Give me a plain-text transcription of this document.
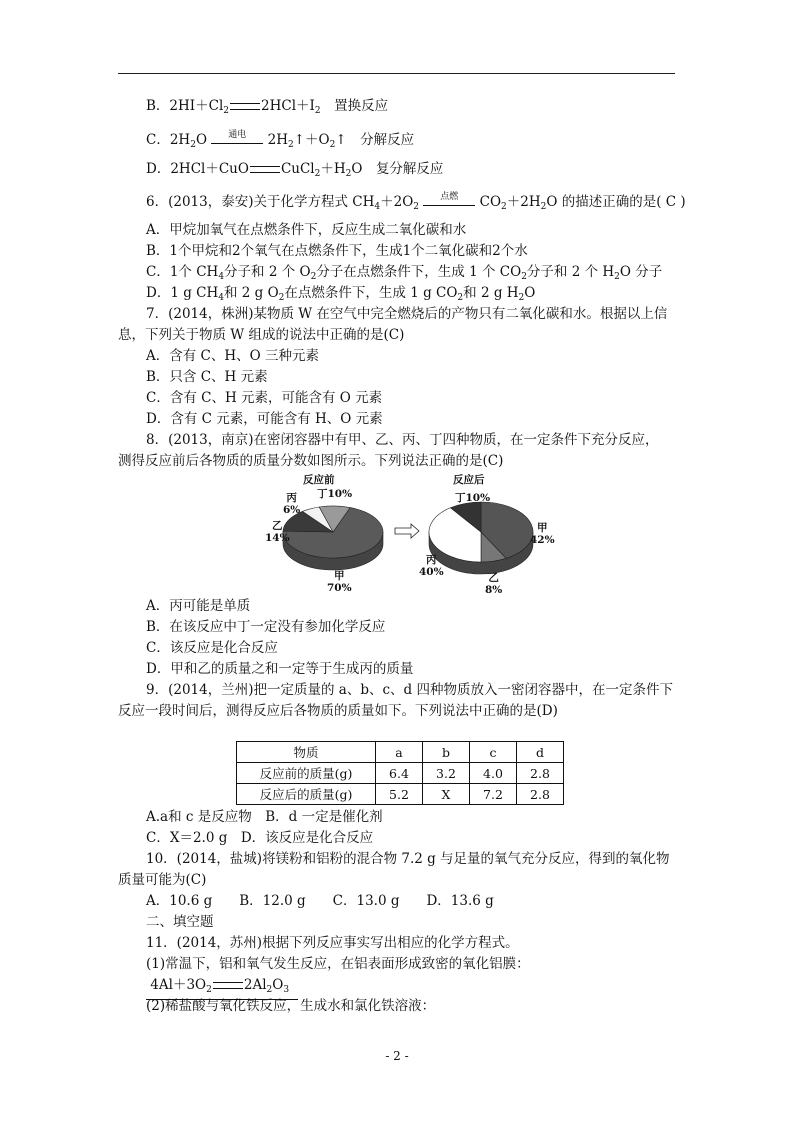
B．$2HI+Cl_2$ $2HCl+I_2$　 置换反应
C．$2H_2O$	通电	$2H_2↑+O_2↑$　分解反应
D．2HCl＋CuO $CuCl_2+H_2O$　 复分解反应
6．(2013，泰安)关于化学方程式 $CH_4+2O_2$
点燃	$CO_2+2H_2O$ 的描述正确的是( C )
A．甲烷加氧气在点燃条件下，反应生成二氧化碳和水
B．1个甲烷和2个氧气在点燃条件下，生成1个二氧化碳和2个水
C．1个 $CH_4$分子和 2 个 $O_2$分子在点燃条件下，生成 1 个 $CO_2$分子和 2 个 $H_2O$ 分子
D．1 g $CH_4$和 2 g $O_2$在点燃条件下，生成 1 g $CO_2$和 2 g $H_2O$
7．(2014，株洲)某物质 W 在空气中完全燃烧后的产物只有二氧化碳和水。根据以上信
息，下列关于物质 W 组成的说法中正确的是(C)
A．含有 C、H、O 三种元素
B．只含 C、H 元素
C．含有 C、H 元素，可能含有 O 元素
D．含有 C 元素，可能含有 H、O 元素
8．(2013，南京)在密闭容器中有甲、乙、丙、丁四种物质，在一定条件下充分反应，
测得反应前后各物质的质量分数如图所示。下列说法正确的是(C)
反应前
丁10%
丙
6%
乙
14%
甲
70%
反应后
丁10%
甲
42%
丙
40%	乙
8%
A．丙可能是单质
B．在该反应中丁一定没有参加化学反应
C．该反应是化合反应
D．甲和乙的质量之和一定等于生成丙的质量
9．(2014，兰州)把一定质量的 a、b、c、d 四种物质放入一密闭容器中，在一定条件下
反应一段时间后，测得反应后各物质的质量如下。下列说法中正确的是(D)
物质	a	b	c	d
反应前的质量(g)	6.4	3.2	4.0	2.8
反应后的质量(g)	5.2	X	7.2	2.8
A.a和 c 是反应物　B．d 一定是催化剂
C．X＝2.0 g　D．该反应是化合反应
10．(2014，盐城)将镁粉和铝粉的混合物 7.2 g 与足量的氧气充分反应，得到的氧化物
质量可能为(C)
A．10.6 g　　B．12.0 g　　C．13.0 g　　D．13.6 g
二、填空题
11．(2014，苏州)根据下列反应事实写出相应的化学方程式。
(1)常温下，铝和氧气发生反应，在铝表面形成致密的氧化铝膜：
$4Al+3O_2$ $2Al_2O_3$
(2)稀盐酸与氧化铁反应，生成水和氯化铁溶液：
- 2 -
